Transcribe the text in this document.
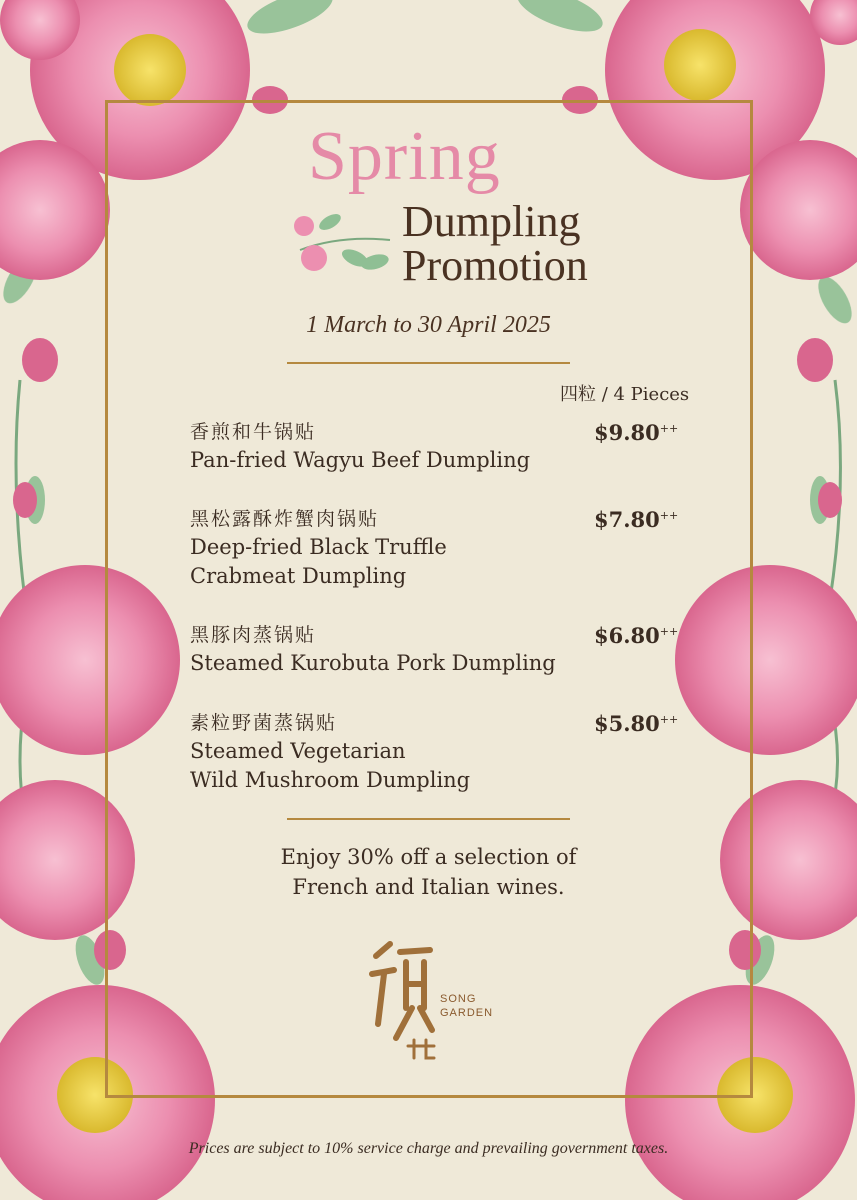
Spring
Dumpling
Promotion
1 March to 30 April 2025
四粒 / 4 Pieces
香煎和牛锅贴
Pan-fried Wagyu Beef Dumpling
$9.80++
黑松露酥炸蟹肉锅贴
Deep-fried Black Truffle
Crabmeat Dumpling
$7.80++
黑豚肉蒸锅贴
Steamed Kurobuta Pork Dumpling
$6.80++
素粒野菌蒸锅贴
Steamed Vegetarian
Wild Mushroom Dumpling
$5.80++
Enjoy 30% off a selection of
French and Italian wines.
SONG
GARDEN
Prices are subject to 10% service charge and prevailing government taxes.
